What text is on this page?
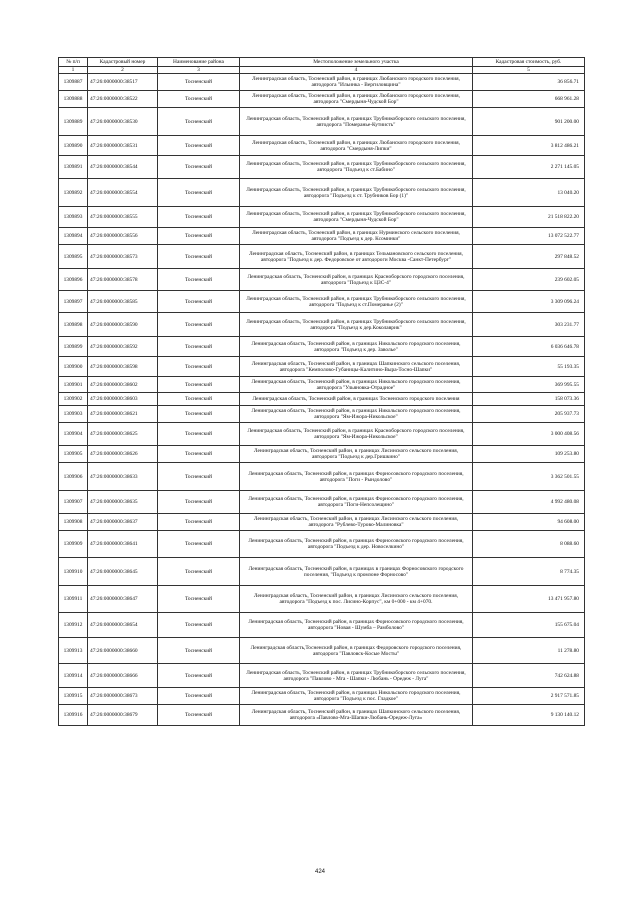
№ п/п	Кадастровый номер	Наименование района	Местоположение земельного участка	Кадастровая стоимость, руб.
1	2	3	4	5
1309887	47:26:0000000:38517	Тосненский	Ленинградская область, Тосненский район, в границах Любанского городского поселения, автодорога "Ильинка - Вергиловщина"	36 856.71
1309888	47:26:0000000:38522	Тосненский	Ленинградская область, Тосненский район, в границах Любанского городского поселения, автодорога "Смердыня-Чудской Бор"	668 961.28
1309889	47:26:0000000:38530	Тосненский	Ленинградская область, Тосненский район, в границах Трубникоборского сельского поселения, автодорога "Померанье-Кутиисть"	901 200.00
1309890	47:26:0000000:38531	Тосненский	Ленинградская область, Тосненский район, в границах Любанского городского поселения, автодорога "Смердыня-Липки"	3 812 486.21
1309891	47:26:0000000:38544	Тосненский	Ленинградская область, Тосненский район, в границах Трубникоборского сельского поселения, автодорога "Подъезд к ст.Бабино"	2 271 145.05
1309892	47:26:0000000:38554	Тосненский	Ленинградская область, Тосненский район, в границах Трубникоборского сельского поселения, автодорога "Подъезд к ст. Трубников Бор (1)"	13 040.20
1309893	47:26:0000000:38555	Тосненский	Ленинградская область, Тосненский район, в границах Трубникоборского сельского поселения, автодорога "Смердыня-Чудской Бор"	21 518 822.20
1309894	47:26:0000000:38556	Тосненский	Ленинградская область, Тосненский район, в границах Нурминского сельского поселения, автодорога "Подъезд к дер. Ксоминки"	13 072 522.77
1309895	47:26:0000000:38573	Тосненский	Ленинградская область, Тосненский район, в границах Тельмановского сельского поселения, автодорога "Подъезд к дер. Федоровское от автодороги Москва -Санкт-Петербург"	297 848.52
1309896	47:26:0000000:38578	Тосненский	Ленинградская область, Тосненский район, в границах Красноборского городского поселения, автодорога "Подъезд к ЦЗС-4"	239 602.05
1309897	47:26:0000000:38585	Тосненский	Ленинградская область, Тосненский район, в границах Трубникоборского сельского поселения, автодорога "Подъезд к ст.Померанье (2)"	3 309 096.24
1309898	47:26:0000000:38590	Тосненский	Ленинградская область, Тосненский район, в границах Трубникоборского сельского поселения, автодорога "Подъезд к дер.Коколаврик"	303 231.77
1309899	47:26:0000000:38592	Тосненский	Ленинградская область, Тосненский район, в границах Никольского городского поселения, автодорога "Подъезд к дер. Заволье"	6 036 646.78
1309900	47:26:0000000:38598	Тосненский	Ленинградская область, Тосненский район, в границах Шапкинского сельского поселения, автодорога "Кемполово-Губаницы-Калитино-Выра-Тосно-Шапки"	55 193.35
1309901	47:26:0000000:38602	Тосненский	Ленинградская область, Тосненский район, в границах Никольского городского поселения, автодорога "Ульяновка-Отрадное"	369 995.55
1309902	47:26:0000000:38603	Тосненский	Ленинградская область, Тосненский район, в границах Тосненского городского поселения	158 073.36
1309903	47:26:0000000:38621	Тосненский	Ленинградская область, Тосненский район, в границах Никольского городского поселения, автодорога "Ям-Ижора-Никольское"	205 937.73
1309904	47:26:0000000:38625	Тосненский	Ленинградская область, Тосненский район, в границах Красноборского городского поселения, автодорога "Ям-Ижора-Никольское"	3 000 408.56
1309905	47:26:0000000:38626	Тосненский	Ленинградская область, Тосненский район, в границах Лисинского сельского поселения, автодорога "Подъезд к дер.Гришкино"	109 253.80
1309906	47:26:0000000:38633	Тосненский	Ленинградская область, Тосненский район, в границах Форносовского городского поселения, автодорога "Поги - Рындолово"	3 362 501.55
1309907	47:26:0000000:38635	Тосненский	Ленинградская область, Тосненский район, в границах Форносовского городского поселения, автодорога "Поги-Непсолещино"	4 992 480.08
1309908	47:26:0000000:38637	Тосненский	Ленинградская область, Тосненский район, в границах Лисинского сельского поселения, автодорога "Рублево-Турово-Малиновка"	94 608.00
1309909	47:26:0000000:38641	Тосненский	Ленинградская область, Тосненский район, в границах Форносовского городского поселения, автодорога "Подъезд к дер. Новоселкино"	8 088.60
1309910	47:26:0000000:38645	Тосненский	Ленинградская область, Тосненский район, в границах в границах Форносовского городского поселения, "Подъезд к промзоне Форносово"	8 774.35
1309911	47:26:0000000:38647	Тосненский	Ленинградская область, Тосненский район, в границах Лисинского сельского поселения, автодорога "Подъезд к пос. Лисино-Корпус", км 0+000 - км 4+070.	13 471 957.80
1309912	47:26:0000000:38654	Тосненский	Ленинградская область, Тосненский район, в границах Форносовского городского поселения, автодорога "Новая - Шумба – Рамболово"	155 675.04
1309913	47:26:0000000:38660	Тосненский	Ленинградская область,Тосненский район, в границах Федоровского городского поселения, автодорога "Павловск-Косые Мосты"	11 278.80
1309914	47:26:0000000:38666	Тосненский	Ленинградская область, Тосненский район, в границах Трубникоборского сельского поселения, автодорога "Павлово - Мга - Шапки - Любань - Оредеж - Луга"	742 624.88
1309915	47:26:0000000:38673	Тосненский	Ленинградская область, Тосненский район, в границах Никольского городского поселения, автодорога "Подъезд к пос. Гладкое"	2 917 571.85
1309916	47:26:0000000:38679	Тосненский	Ленинградская область, Тосненский район, в границах Шапкинского сельского поселения, автодорога «Павлово-Мга-Шапки-Любань-Оредеж-Луга»	9 130 140.12
424
